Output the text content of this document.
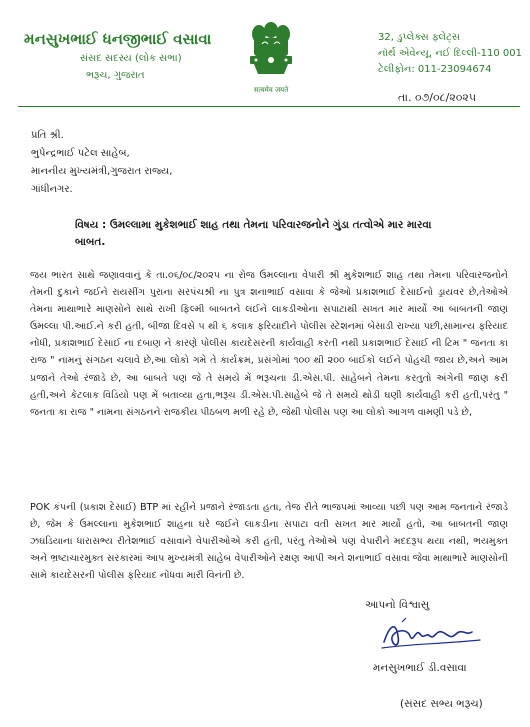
મનસુખભાઈ ધનજીભાઈ વસાવા
સંસદ સદસ્ય (લોક સભા)
ભરૂચ, ગુજરાત
सत्यमेव जयते
32, ડુપ્લેક્સ ફ્લેટ્સ
નૉર્થ એવેન્યૂ, નઈ દિલ્લી-110 001
ટેલીફોન: 011-23094674
તા. ૦૭/૦૮/૨૦૨૫
પ્રતિ શ્રી.
ભુપેન્દ્રભાઈ પટેલ સાહેબ,
માનનીય મુખ્યમંત્રી,ગુજરાત રાજ્ય,
ગાંધીનગર.
વિષય : ઉમલ્લામા મુકેશભાઈ શાહ તથા તેમના પરિવારજનોને ગુંડા તત્વોએ માર મારવા
બાબત.
જય ભારત સાથે જણાવવાનું કે તા.૦૬/૦૮/૨૦૨૫ ના રોજ ઉમલ્લાના વેપારી શ્રી મુકેશભાઈ શાહ તથા તેમના પરિવારજનોને તેમની દુકાને જઈને રાયસીંગ પુરાના સરપંચશ્રી ના પુત્ર શનાભાઈ વસાવા કે જેઓ પ્રકાશભાઈ દેસાઈનો ડ્રાયવર છે,તેઓએ તેમના માથાભારે માણસોને સાથે રાખી ફિલ્મી બાબતને લઈને લાકડીઓના સપાટાથી સખત માર માર્યો આ બાબતની જાણ ઉમલ્લા પી.આઈ.ને કરી હતી, બીજા દિવસે ૫ થી ૬ કલાક ફરિયાદીને પોલીસ સ્ટેશનમાં બેસાડી રાખ્યા પછી,સામાન્ય ફરિયાદ નોંધી, પ્રકાશભાઈ દેસાઈ ના દબાણ ને કારણે પોલીસ કાયદેસરની કાર્યવાહી કરતી નથી પ્રકાશભાઈ દેસાઈ ની ટિમ " જનતા કા રાજ " નામનું સંગઠન ચલાવે છે,આ લોકો ગમે તે કાર્યક્રમ, પ્રસંગોમાં ૧૦૦ થી ૨૦૦ બાઈકો લઈને પોહચી જાય છે,અને આમ પ્રજાને તેઓ રંજાડે છે, આ બાબતે પણ જે તે સમયે મેં ભરૂચના ડી.એસ.પી. સાહેબને તેમના કરતુતો અંગેની જાણ કરી હતી,અને કેટલાક વિડિયો પણ મેં બતાવ્યા હતા,ભરૂચ ડી.એસ.પી.સાહેબે જે તે સમયે થોડી ઘણી કાર્યવાહી કરી હતી,પરંતુ " જનતા કા રાજ " નામના સંગઠનને રાજકીય પીઠબળ મળી રહે છે, જેથી પોલીસ પણ આ લોકો આગળ વામણી પડે છે,
POK કંપની (પ્રકાશ દેસાઈ) BTP માં રહીને પ્રજાને રંજાડતા હતા, તેજ રીતે ભાજપમાં આવ્યા પછી પણ આમ જનતાને રંજાડે છે, જેમ કે ઉમલ્લાના મુકેશભાઈ શાહના ઘરે જઈને લાકડીના સપાટા વતી સખત માર માર્યો હતો, આ બાબતની જાણ ઝઘડિયાના ધારાસભ્ય રીતેશભાઈ વસાવાને વેપારીઓએ કરી હતી, પરંતુ તેઓએ પણ વેપારીને મદદરૂપ થયા નથી, ભયમુક્ત અને ભ્રષ્ટાચારમુક્ત સરકારમાં આપ મુખ્યમંત્રી સાહેબ વેપારીઓને રક્ષણ આપી અને શનાભાઈ વસાવા જેવા માથાભારે માણસોની સામે કાયદેસરની પોલીસ ફરિયાદ નોંધવા મારી વિનંતી છે.
આપનો વિશ્વાસુ
મનસુખભાઈ ડી.વસાવા
(સંસદ સભ્ય ભરૂચ)
